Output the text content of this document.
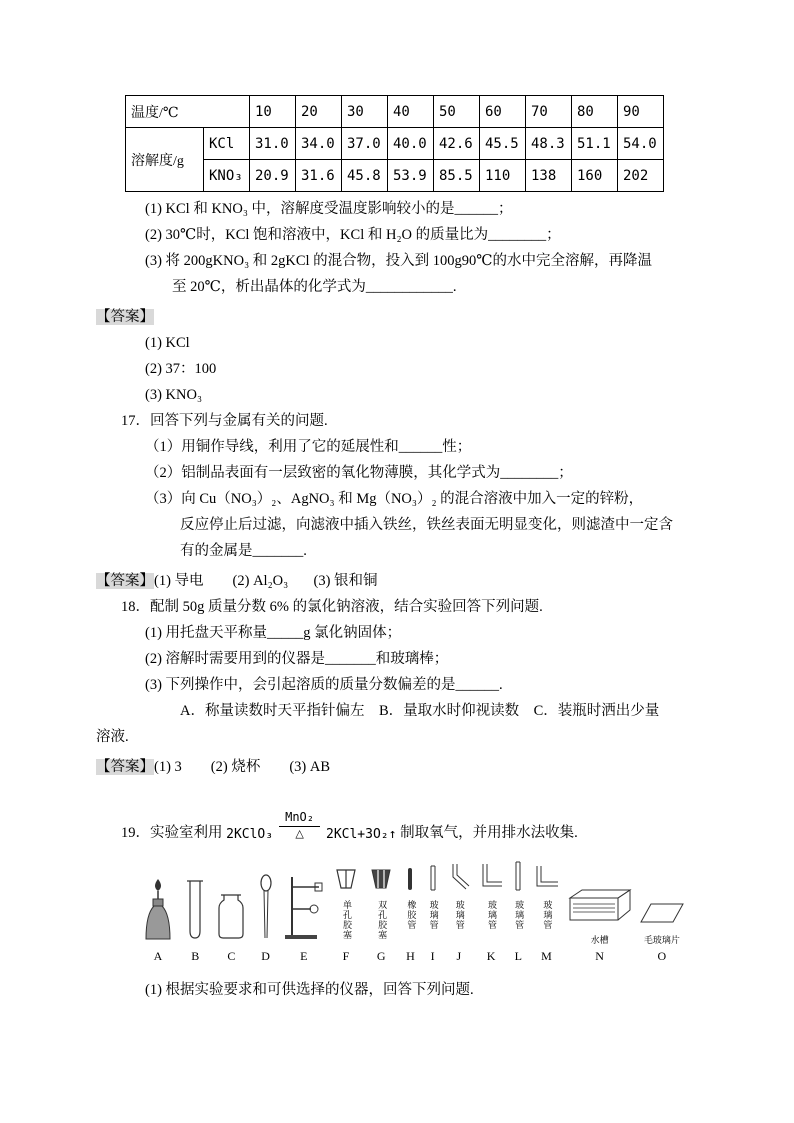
温度/℃		10	20	30	40	50	60	70	80	90
溶解度/g	KCl	31.0	34.0	37.0	40.0	42.6	45.5	48.3	51.1	54.0
	KNO₃	20.9	31.6	45.8	53.9	85.5	110	138	160	202
(1) KCl 和 KNO₃ 中，溶解度受温度影响较小的是______；
(2) 30℃时，KCl 饱和溶液中，KCl 和 H₂O 的质量比为________；
(3) 将 200gKNO₃ 和 2gKCl 的混合物，投入到 100g90℃的水中完全溶解，再降温
至 20℃，析出晶体的化学式为____________.
【答案】
(1) KCl
(2) 37：100
(3) KNO₃
17．回答下列与金属有关的问题.
（1）用铜作导线，利用了它的延展性和______性；
（2）铝制品表面有一层致密的氧化物薄膜，其化学式为________；
（3）向 Cu（NO₃）₂、AgNO₃ 和 Mg（NO₃）₂ 的混合溶液中加入一定的锌粉，
反应停止后过滤，向滤液中插入铁丝，铁丝表面无明显变化，则滤渣中一定含
有的金属是_______.
【答案】(1) 导电        (2) Al₂O₃       (3) 银和铜
18．配制 50g 质量分数 6% 的氯化钠溶液，结合实验回答下列问题.
(1) 用托盘天平称量_____g 氯化钠固体；
(2) 溶解时需要用到的仪器是_______和玻璃棒；
(3) 下列操作中，会引起溶质的质量分数偏差的是______.
A．称量读数时天平指针偏左    B．量取水时仰视读数    C．装瓶时洒出少量
溶液.
【答案】(1) 3        (2) 烧杯        (3) AB
19．实验室利用 2KClO₃
MnO₂
△ 2KCl+3O₂↑ 制取氧气，并用排水法收集.
A B C D	E
单孔胶塞
F
双孔胶塞
G
橡胶管
H
玻璃管
I
玻璃管
J
玻璃管
K
玻璃管
L
玻璃管
M
水槽
N
毛玻璃片
O
(1) 根据实验要求和可供选择的仪器，回答下列问题.
